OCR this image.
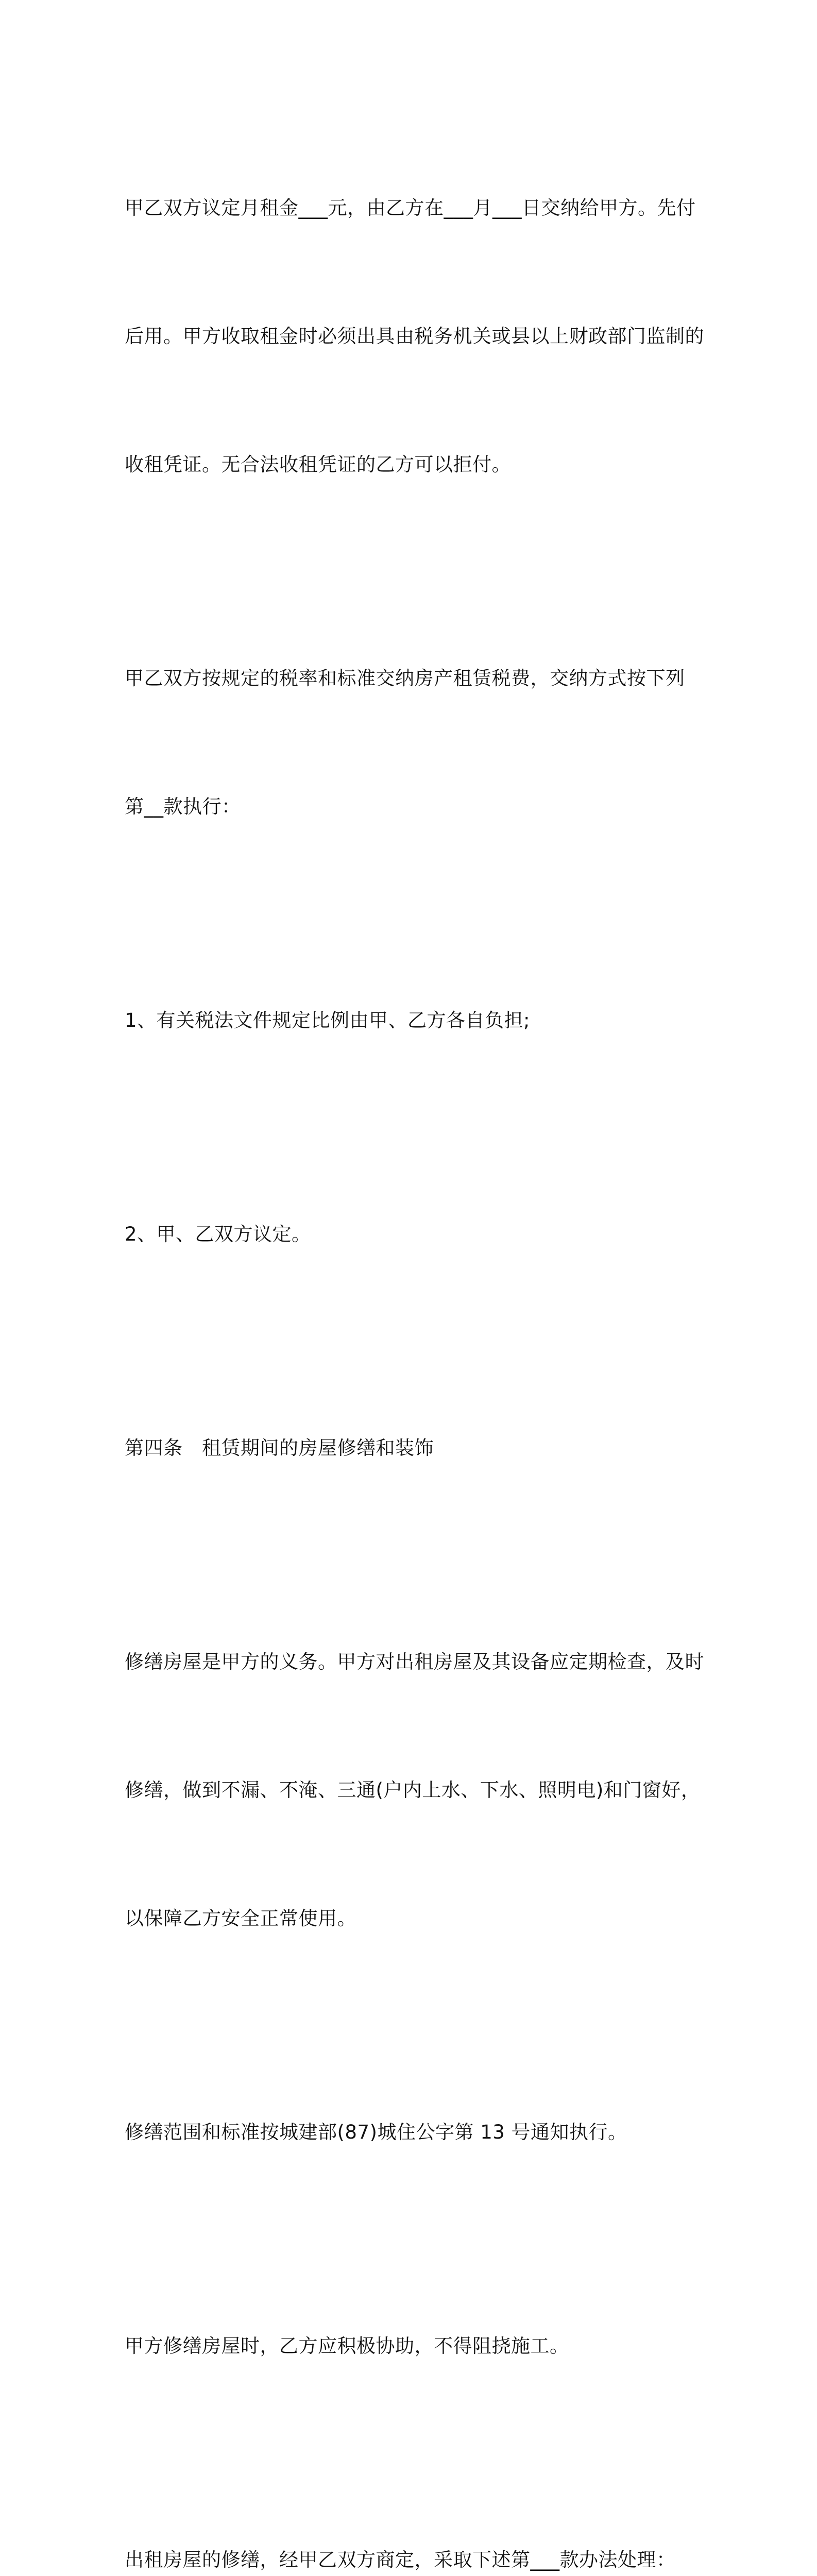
甲乙双方议定月租金___元，由乙方在___月___日交纳给甲方。先付

后用。甲方收取租金时必须出具由税务机关或县以上财政部门监制的

收租凭证。无合法收租凭证的乙方可以拒付。

甲乙双方按规定的税率和标准交纳房产租赁税费，交纳方式按下列

第__款执行：

1、有关税法文件规定比例由甲、乙方各自负担;

2、甲、乙双方议定。

第四条　租赁期间的房屋修缮和装饰

修缮房屋是甲方的义务。甲方对出租房屋及其设备应定期检查，及时

修缮，做到不漏、不淹、三通(户内上水、下水、照明电)和门窗好，

以保障乙方安全正常使用。

修缮范围和标准按城建部(87)城住公字第 13 号通知执行。

甲方修缮房屋时，乙方应积极协助，不得阻挠施工。

出租房屋的修缮，经甲乙双方商定，采取下述第___款办法处理：
